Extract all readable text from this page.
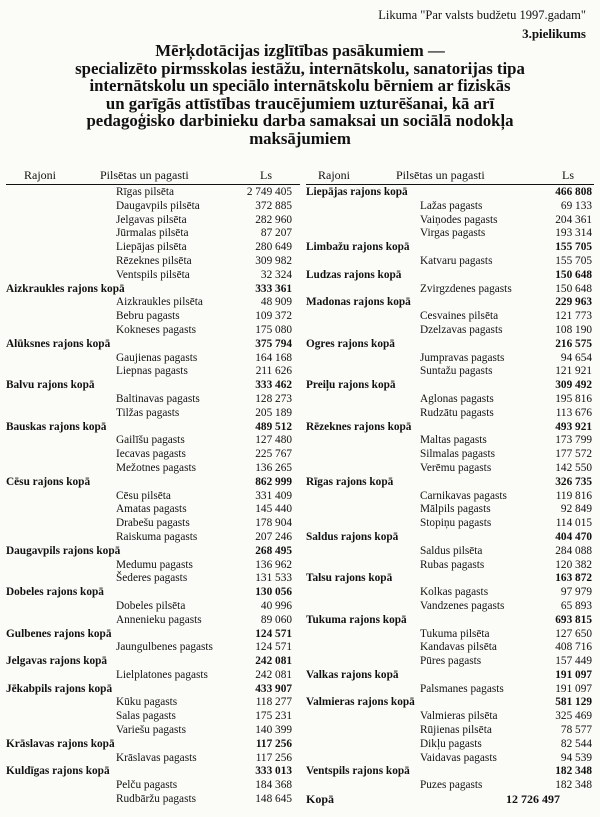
Likuma "Par valsts budžetu 1997.gadam"
3.pielikums
Mērķdotācijas izglītības pasākumiem —
specializēto pirmsskolas iestāžu, internātskolu, sanatorijas tipa
internātskolu un speciālo internātskolu bērniem ar fiziskās
un garīgās attīstības traucējumiem uzturēšanai, kā arī
pedagoģisko darbinieku darba samaksai un sociālā nodokļa
maksājumiem
Rajoni	Pilsētas un pagasti	Ls	Rajoni	Pilsētas un pagasti	Ls
Rīgas pilsēta	2 749 405
Daugavpils pilsēta	372 885
Jelgavas pilsēta	282 960
Jūrmalas pilsēta	87 207
Liepājas pilsēta	280 649
Rēzeknes pilsēta	309 982
Ventspils pilsēta	32 324
Aizkraukles rajons kopā	333 361
Aizkraukles pilsēta	48 909
Bebru pagasts	109 372
Kokneses pagasts	175 080
Alūksnes rajons kopā	375 794
Gaujienas pagasts	164 168
Liepnas pagasts	211 626
Balvu rajons kopā	333 462
Baltinavas pagasts	128 273
Tilžas pagasts	205 189
Bauskas rajons kopā	489 512
Gailīšu pagasts	127 480
Iecavas pagasts	225 767
Mežotnes pagasts	136 265
Cēsu rajons kopā	862 999
Cēsu pilsēta	331 409
Amatas pagasts	145 440
Drabešu pagasts	178 904
Raiskuma pagasts	207 246
Daugavpils rajons kopā	268 495
Medumu pagasts	136 962
Šederes pagasts	131 533
Dobeles rajons kopā	130 056
Dobeles pilsēta	40 996
Annenieku pagasts	89 060
Gulbenes rajons kopā	124 571
Jaungulbenes pagasts	124 571
Jelgavas rajons kopā	242 081
Lielplatones pagasts	242 081
Jēkabpils rajons kopā	433 907
Kūku pagasts	118 277
Salas pagasts	175 231
Variešu pagasts	140 399
Krāslavas rajons kopā	117 256
Krāslavas pagasts	117 256
Kuldīgas rajons kopā	333 013
Pelču pagasts	184 368
Rudbāržu pagasts	148 645
Liepājas rajons kopā	466 808
Lažas pagasts	69 133
Vaiņodes pagasts	204 361
Virgas pagasts	193 314
Limbažu rajons kopā	155 705
Katvaru pagasts	155 705
Ludzas rajons kopā	150 648
Zvirgzdenes pagasts	150 648
Madonas rajons kopā	229 963
Cesvaines pilsēta	121 773
Dzelzavas pagasts	108 190
Ogres rajons kopā	216 575
Jumpravas pagasts	94 654
Suntažu pagasts	121 921
Preiļu rajons kopā	309 492
Aglonas pagasts	195 816
Rudzātu pagasts	113 676
Rēzeknes rajons kopā	493 921
Maltas pagasts	173 799
Silmalas pagasts	177 572
Verēmu pagasts	142 550
Rīgas rajons kopā	326 735
Carnikavas pagasts	119 816
Mālpils pagasts	92 849
Stopiņu pagasts	114 015
Saldus rajons kopā	404 470
Saldus pilsēta	284 088
Rubas pagasts	120 382
Talsu rajons kopā	163 872
Kolkas pagasts	97 979
Vandzenes pagasts	65 893
Tukuma rajons kopā	693 815
Tukuma pilsēta	127 650
Kandavas pilsēta	408 716
Pūres pagasts	157 449
Valkas rajons kopā	191 097
Palsmanes pagasts	191 097
Valmieras rajons kopā	581 129
Valmieras pilsēta	325 469
Rūjienas pilsēta	78 577
Dikļu pagasts	82 544
Vaidavas pagasts	94 539
Ventspils rajons kopā	182 348
Puzes pagasts	182 348
Kopā	12 726 497
